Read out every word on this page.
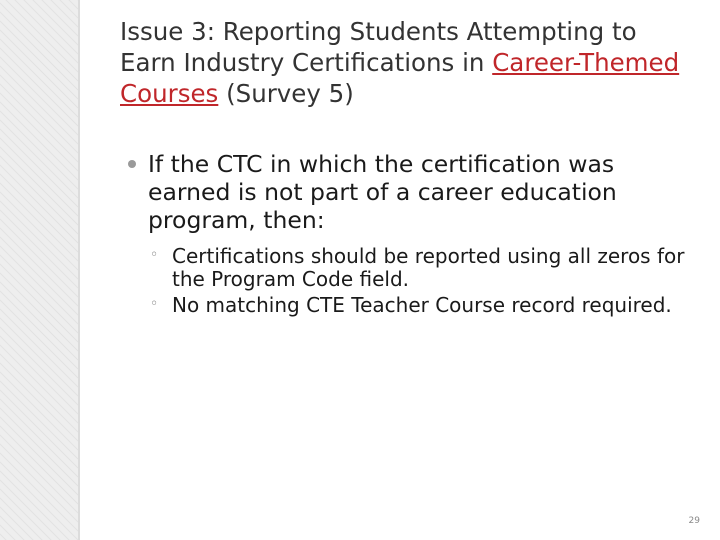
Issue 3: Reporting Students Attempting to Earn Industry Certifications in Career-Themed Courses (Survey 5)
If the CTC in which the certification was earned is not part of a career education program, then:
◦ Certifications should be reported using all zeros for the Program Code field.
◦ No matching CTE Teacher Course record required.
29
